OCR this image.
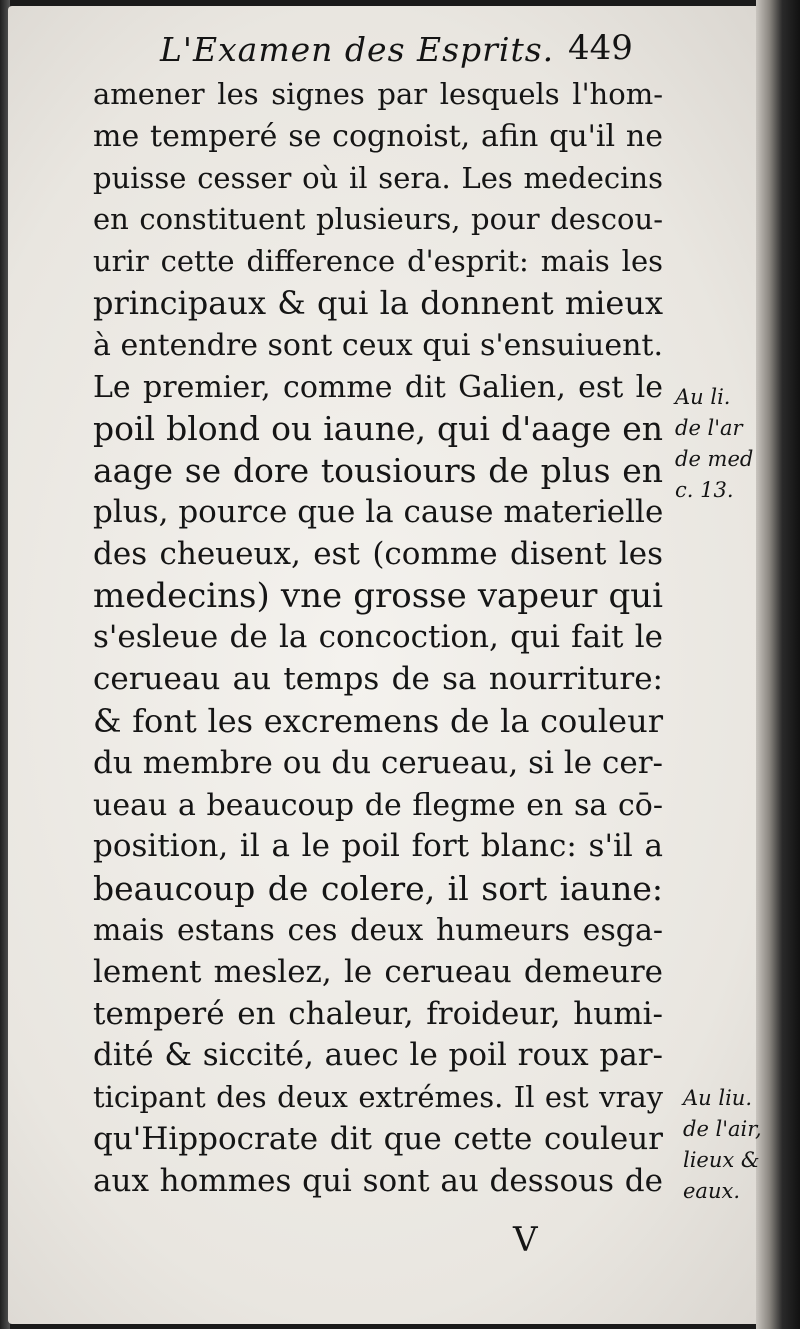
L'Examen des Esprits. 449
amener les signes par lesquels l'hom-
me temperé se cognoist, afin qu'il ne
puisse cesser où il sera. Les medecins
en constituent plusieurs, pour descou-
urir cette difference d'esprit: mais les
principaux & qui la donnent mieux
à entendre sont ceux qui s'ensuiuent.
Le premier, comme dit Galien, est le
poil blond ou iaune, qui d'aage en
aage se dore tousiours de plus en
plus, pource que la cause materielle
des cheueux, est (comme disent les
medecins) vne grosse vapeur qui
s'esleue de la concoction, qui fait le
cerueau au temps de sa nourriture:
& font les excremens de la couleur
du membre ou du cerueau, si le cer-
ueau a beaucoup de flegme en sa cō-
position, il a le poil fort blanc: s'il a
beaucoup de colere, il sort iaune:
mais estans ces deux humeurs esga-
lement meslez, le cerueau demeure
temperé en chaleur, froideur, humi-
dité & siccité, auec le poil roux par-
ticipant des deux extrémes. Il est vray
qu'Hippocrate dit que cette couleur
aux hommes qui sont au dessous de
Au li.
de l'ar
de med
c. 13.
Au liu.
de l'air,
lieux &
eaux.
V
